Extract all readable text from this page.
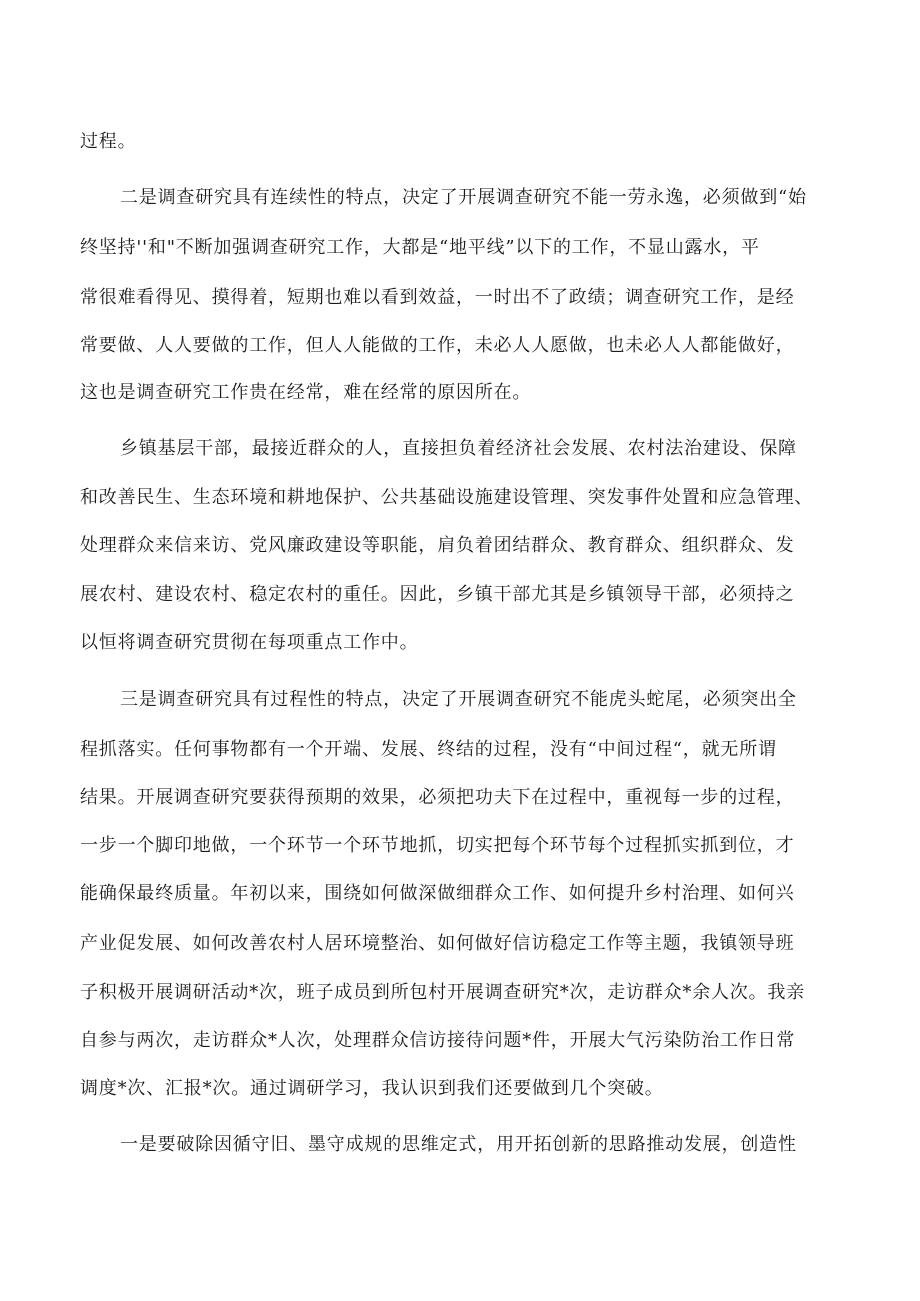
过程。
二是调查研究具有连续性的特点，决定了开展调查研究不能一劳永逸，必须做到“始
终坚持''和"不断加强调查研究工作，大都是“地平线”以下的工作，不显山露水，平
常很难看得见、摸得着，短期也难以看到效益，一时出不了政绩；调查研究工作，是经
常要做、人人要做的工作，但人人能做的工作，未必人人愿做，也未必人人都能做好，
这也是调查研究工作贵在经常，难在经常的原因所在。
乡镇基层干部，最接近群众的人，直接担负着经济社会发展、农村法治建设、保障
和改善民生、生态环境和耕地保护、公共基础设施建设管理、突发事件处置和应急管理、
处理群众来信来访、党风廉政建设等职能，肩负着团结群众、教育群众、组织群众、发
展农村、建设农村、稳定农村的重任。因此，乡镇干部尤其是乡镇领导干部，必须持之
以恒将调查研究贯彻在每项重点工作中。
三是调查研究具有过程性的特点，决定了开展调查研究不能虎头蛇尾，必须突出全
程抓落实。任何事物都有一个开端、发展、终结的过程，没有“中间过程“，就无所谓
结果。开展调查研究要获得预期的效果，必须把功夫下在过程中，重视每一步的过程，
一步一个脚印地做，一个环节一个环节地抓，切实把每个环节每个过程抓实抓到位，才
能确保最终质量。年初以来，围绕如何做深做细群众工作、如何提升乡村治理、如何兴
产业促发展、如何改善农村人居环境整治、如何做好信访稳定工作等主题，我镇领导班
子积极开展调研活动*次，班子成员到所包村开展调查研究*次，走访群众*余人次。我亲
自参与两次，走访群众*人次，处理群众信访接待问题*件，开展大气污染防治工作日常
调度*次、汇报*次。通过调研学习，我认识到我们还要做到几个突破。
一是要破除因循守旧、墨守成规的思维定式，用开拓创新的思路推动发展，创造性
